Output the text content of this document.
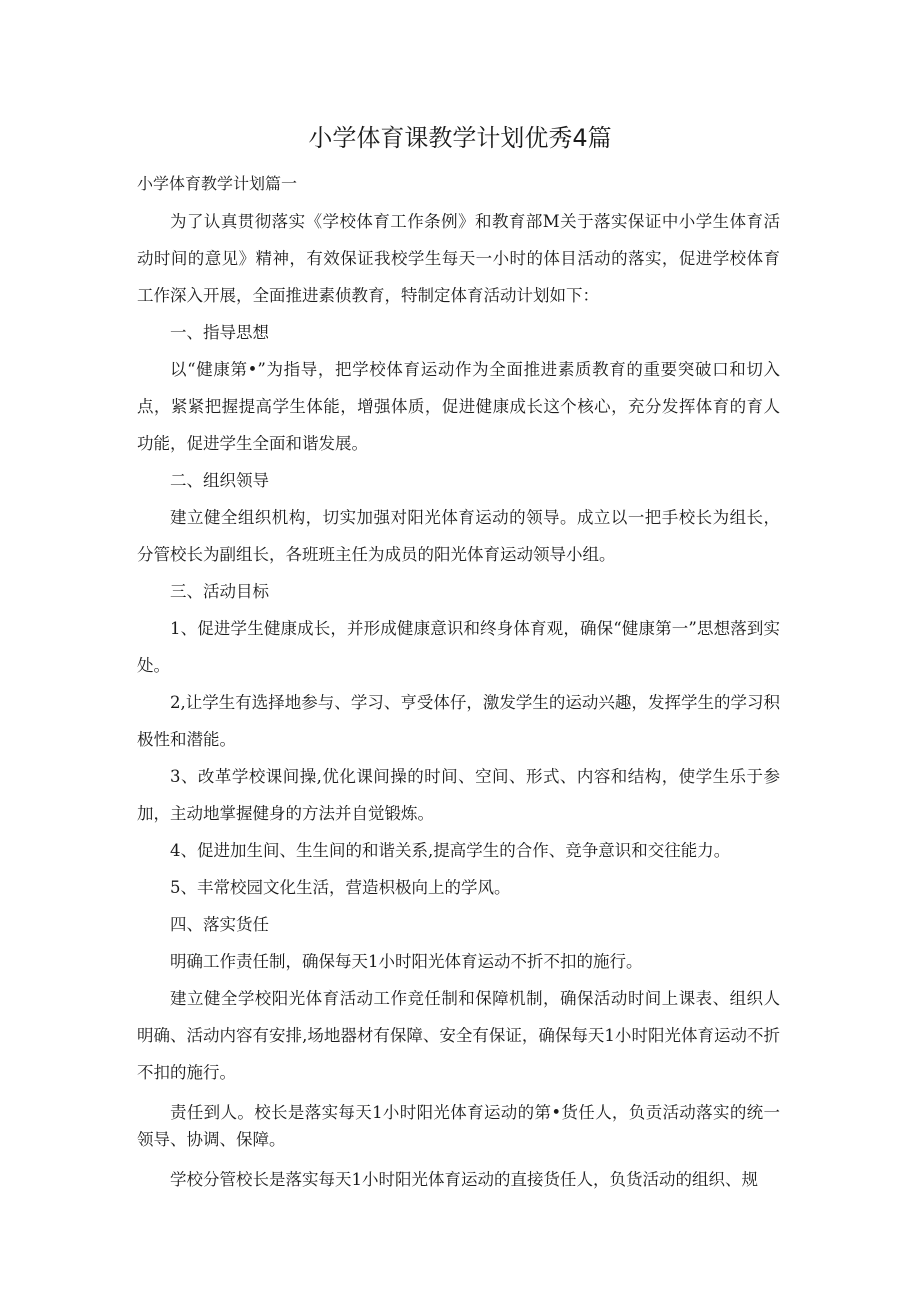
小学体育课教学计划优秀4篇

小学体育教学计划篇一

为了认真贯彻落实《学校体育工作条例》和教育部M关于落实保证中小学生体育活动时间的意见》精神，有效保证我校学生每天一小时的体目活动的落实，促进学校体育工作深入开展，全面推进素侦教育，特制定体育活动计划如下：

一、指导思想

以“健康第•”为指导，把学校体育运动作为全面推进素质教育的重要突破口和切入点，紧紧把握提高学生体能，增强体质，促进健康成长这个核心，充分发挥体育的育人功能，促进学生全面和谐发展。

二、组织领导

建立健全组织机构，切实加强对阳光体育运动的领导。成立以一把手校长为组长，分管校长为副组长，各班班主任为成员的阳光体育运动领导小组。

三、活动目标

1、促进学生健康成长，并形成健康意识和终身体育观，确保“健康第一”思想落到实处。

2,让学生有选择地参与、学习、亨受体仔，激发学生的运动兴趣，发挥学生的学习积极性和潜能。

3、改革学校课间操,优化课间操的时间、空间、形式、内容和结构，使学生乐于参加，主动地掌握健身的方法并自觉锻炼。

4、促进加生间、生生间的和谐关系,提高学生的合作、竞争意识和交往能力。

5、丰常校园文化生活，营造枳极向上的学风。

四、落实货任

明确工作责任制，确保每天1小时阳光体育运动不折不扣的施行。

建立健全学校阳光体育活动工作竞任制和保障机制，确保活动时间上课表、组织人明确、活动内容有安排,场地器材有保障、安全有保证，确保每天1小时阳光体育运动不折不扣的施行。

责任到人。校长是落实每天1小时阳光体育运动的第•货任人，负贡活动落实的统一领导、协调、保障。

学校分管校长是落实每天1小时阳光体育运动的直接货任人，负货活动的组织、规
